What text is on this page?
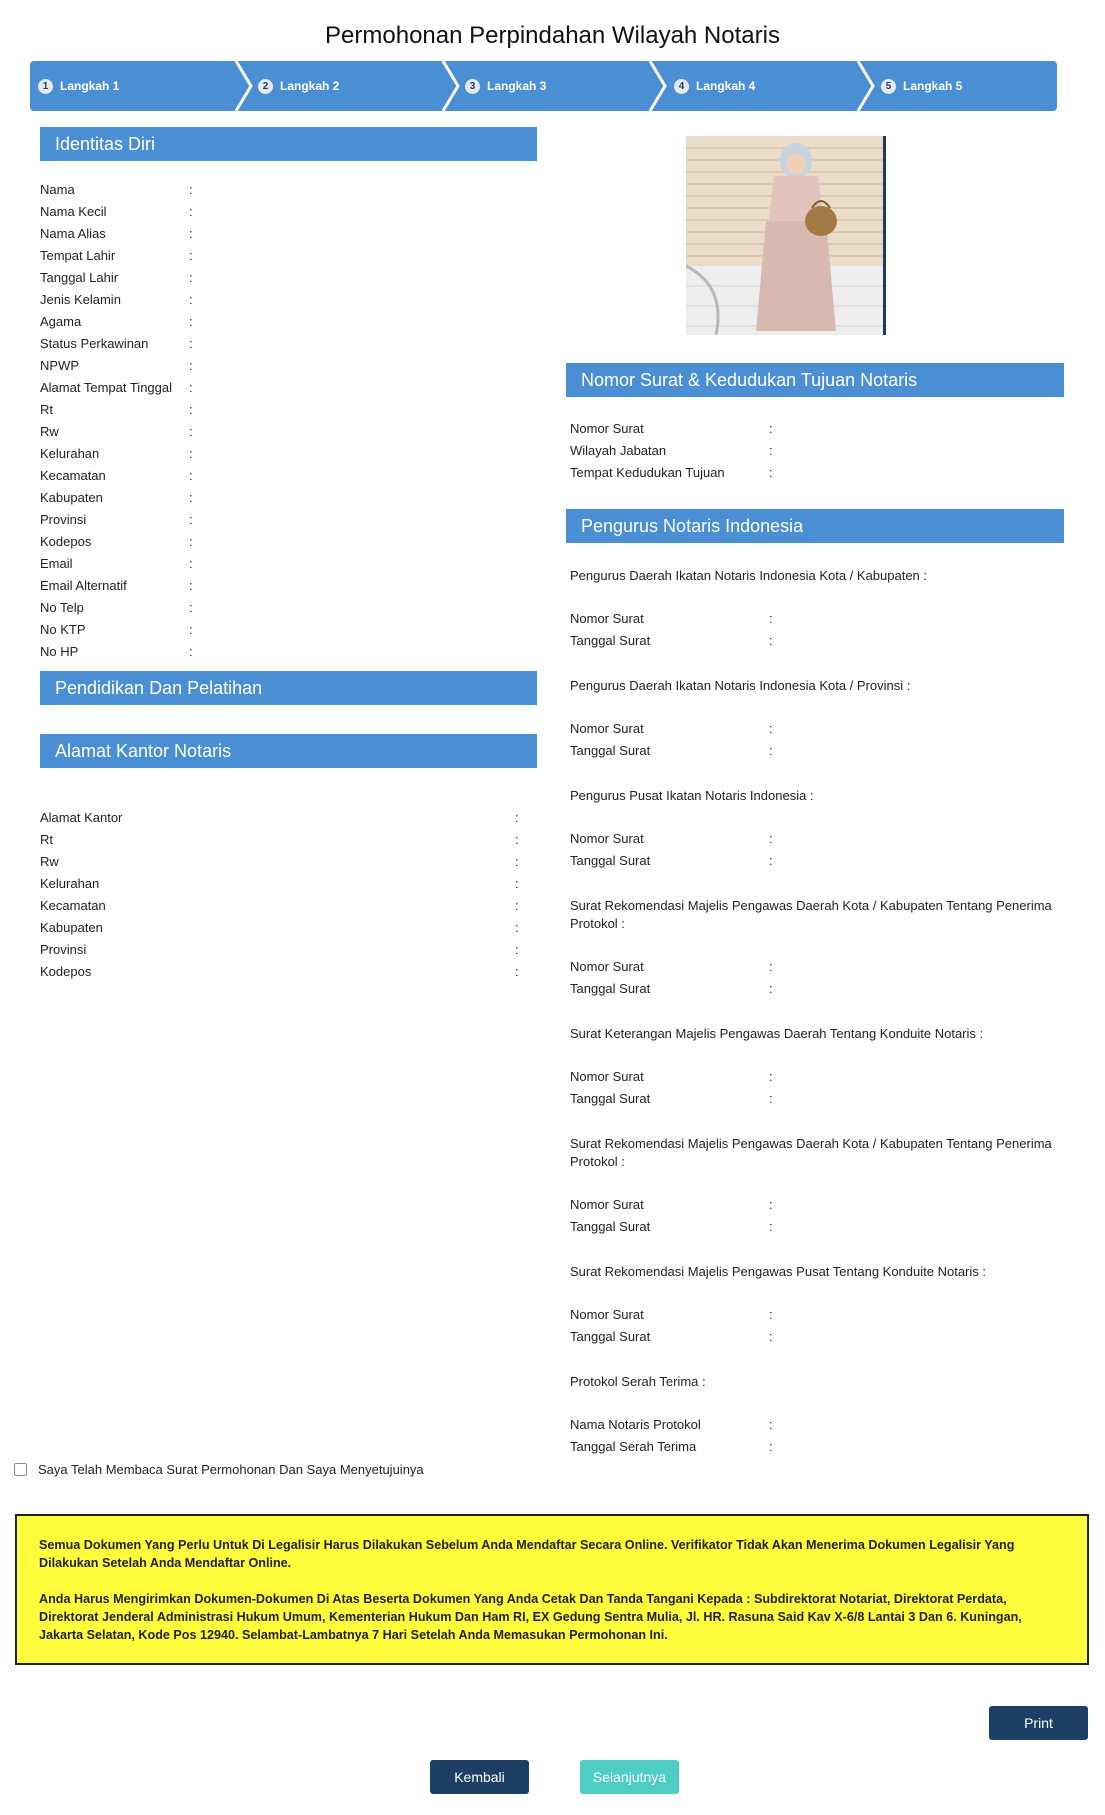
Permohonan Perpindahan Wilayah Notaris
1 Langkah 1	2 Langkah 2	3 Langkah 3	4 Langkah 4	5 Langkah 5
Identitas Diri
Nama	:
Nama Kecil	:
Nama Alias	:
Tempat Lahir	:
Tanggal Lahir	:
Jenis Kelamin	:
Agama	:
Status Perkawinan	:
NPWP	:
Alamat Tempat Tinggal :
Rt	:
Rw	:
Kelurahan	:
Kecamatan	:
Kabupaten	:
Provinsi	:
Kodepos	:
Email	:
Email Alternatif	:
No Telp	:
No KTP	:
No HP	:
Pendidikan Dan Pelatihan
Alamat Kantor Notaris
Alamat Kantor	:
Rt	:
Rw	:
Kelurahan	:
Kecamatan	:
Kabupaten	:
Provinsi	:
Kodepos	:
Nomor Surat & Kedudukan Tujuan Notaris
Nomor Surat	:
Wilayah Jabatan	:
Tempat Kedudukan Tujuan	:
Pengurus Notaris Indonesia
Pengurus Daerah Ikatan Notaris Indonesia Kota / Kabupaten :
Nomor Surat	:
Tanggal Surat	:
Pengurus Daerah Ikatan Notaris Indonesia Kota / Provinsi :
Nomor Surat	:
Tanggal Surat	:
Pengurus Pusat Ikatan Notaris Indonesia :
Nomor Surat	:
Tanggal Surat	:
Surat Rekomendasi Majelis Pengawas Daerah Kota / Kabupaten Tentang Penerima Protokol :
Nomor Surat	:
Tanggal Surat	:
Surat Keterangan Majelis Pengawas Daerah Tentang Konduite Notaris :
Nomor Surat	:
Tanggal Surat	:
Surat Rekomendasi Majelis Pengawas Daerah Kota / Kabupaten Tentang Penerima Protokol :
Nomor Surat	:
Tanggal Surat	:
Surat Rekomendasi Majelis Pengawas Pusat Tentang Konduite Notaris :
Nomor Surat	:
Tanggal Surat	:
Protokol Serah Terima :
Nama Notaris Protokol	:
Tanggal Serah Terima	:
Saya Telah Membaca Surat Permohonan Dan Saya Menyetujuinya

Semua Dokumen Yang Perlu Untuk Di Legalisir Harus Dilakukan Sebelum Anda Mendaftar Secara Online. Verifikator Tidak Akan Menerima Dokumen Legalisir Yang Dilakukan Setelah Anda Mendaftar Online.

Anda Harus Mengirimkan Dokumen-Dokumen Di Atas Beserta Dokumen Yang Anda Cetak Dan Tanda Tangani Kepada : Subdirektorat Notariat, Direktorat Perdata, Direktorat Jenderal Administrasi Hukum Umum, Kementerian Hukum Dan Ham RI, EX Gedung Sentra Mulia, Jl. HR. Rasuna Said Kav X-6/8 Lantai 3 Dan 6. Kuningan, Jakarta Selatan, Kode Pos 12940. Selambat-Lambatnya 7 Hari Setelah Anda Memasukan Permohonan Ini.

Print
Kembali	Selanjutnya
